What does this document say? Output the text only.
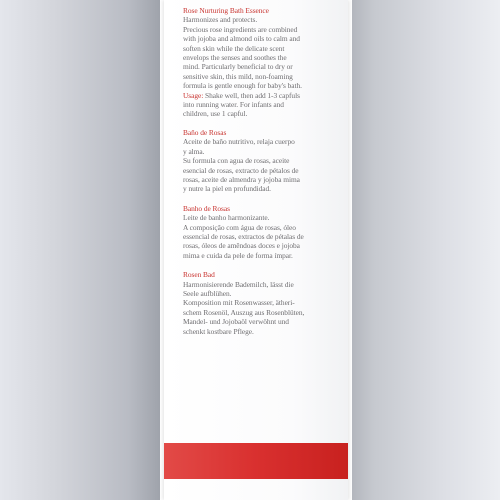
Rose Nurturing Bath Essence
Harmonizes and protects.
Precious rose ingredients are combined
with jojoba and almond oils to calm and
soften skin while the delicate scent
envelops the senses and soothes the
mind. Particularly beneficial to dry or
sensitive skin, this mild, non-foaming
formula is gentle enough for baby's bath.
Usage: Shake well, then add 1-3 capfuls
into running water. For infants and
children, use 1 capful.
Baño de Rosas
Aceite de baño nutritivo, relaja cuerpo
y alma.
Su formula con agua de rosas, aceite
esencial de rosas, extracto de pétalos de
rosas, aceite de almendra y jojoba mima
y nutre la piel en profundidad.
Banho de Rosas
Leite de banho harmonizante.
A composição com água de rosas, óleo
essencial de rosas, extractos de pétalas de
rosas, óleos de amêndoas doces e jojoba
mima e cuida da pele de forma ímpar.
Rosen Bad
Harmonisierende Bademilch, lässt die
Seele aufblühen.
Komposition mit Rosenwasser, ätheri-
schem Rosenöl, Auszug aus Rosenblüten,
Mandel- und Jojobaöl verwöhnt und
schenkt kostbare Pflege.
